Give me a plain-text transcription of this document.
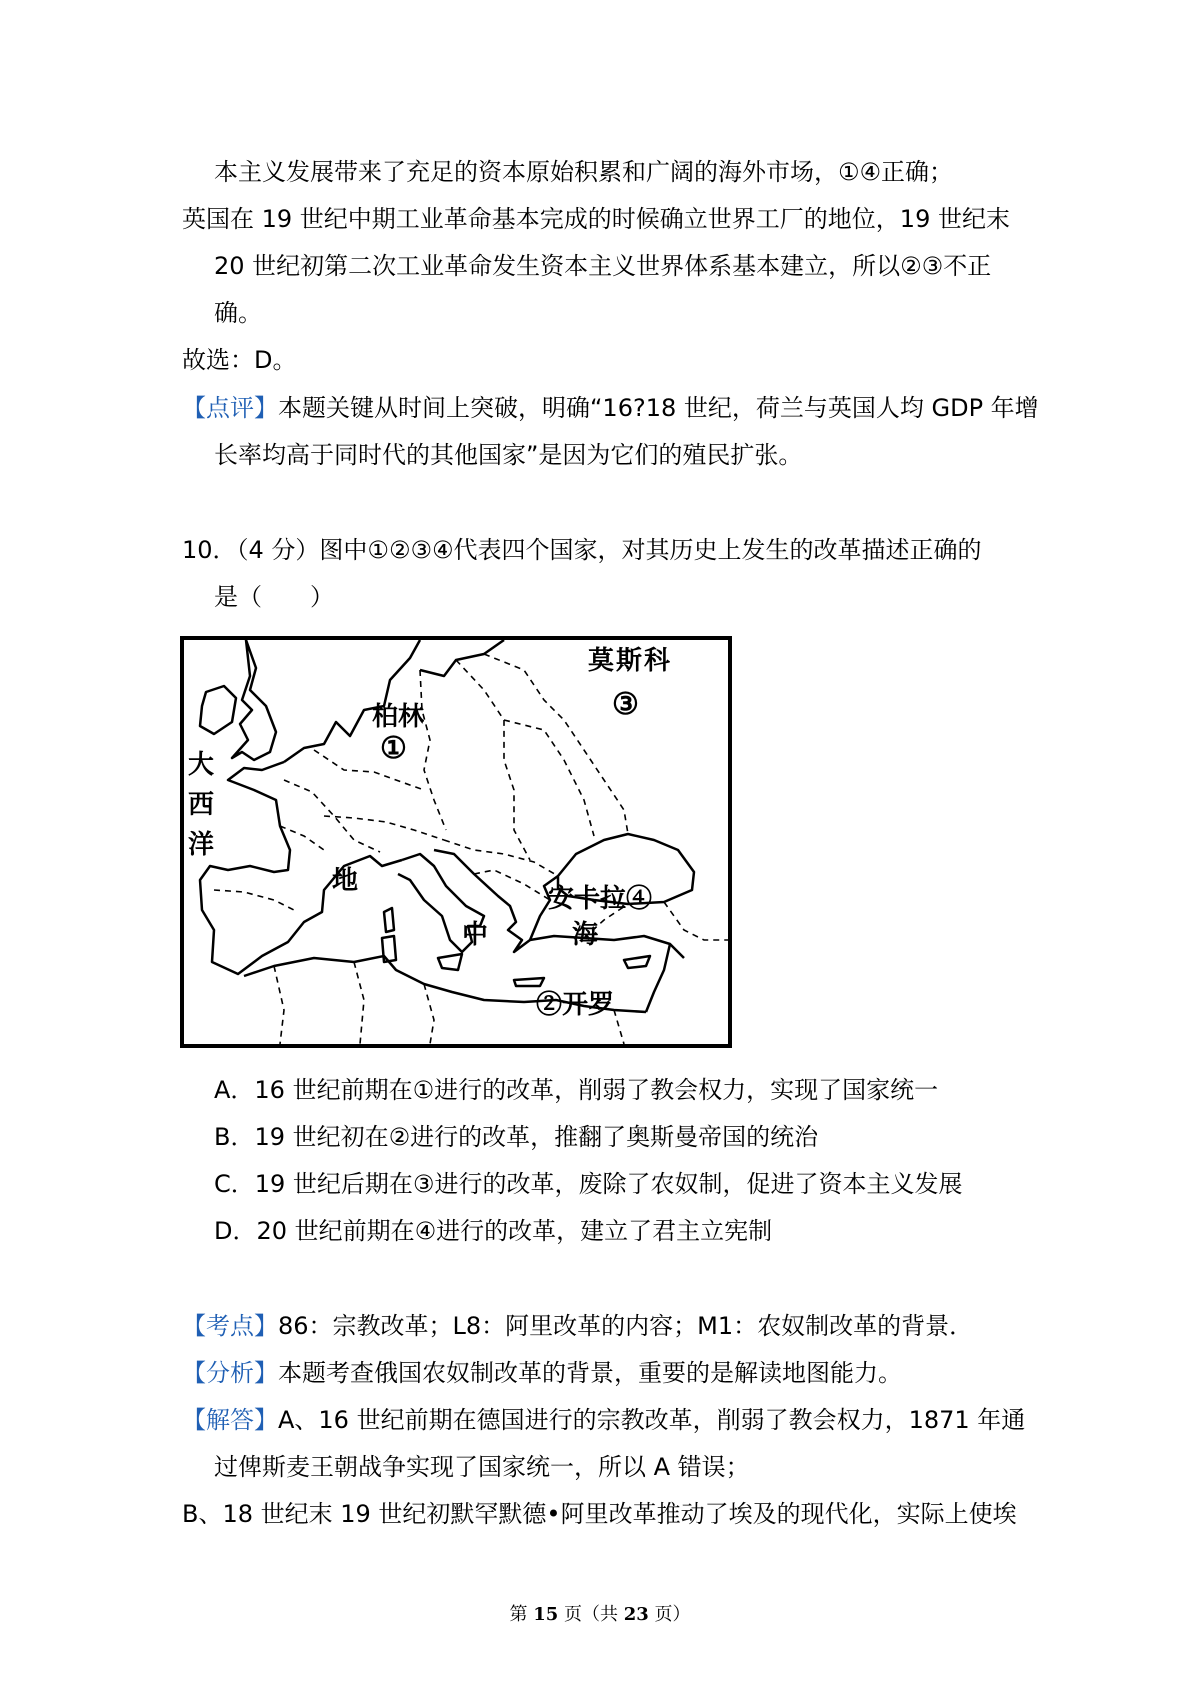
本主义发展带来了充足的资本原始积累和广阔的海外市场，①④正确；
英国在 19 世纪中期工业革命基本完成的时候确立世界工厂的地位，19 世纪末
20 世纪初第二次工业革命发生资本主义世界体系基本建立，所以②③不正
确。
故选：D。
【点评】本题关键从时间上突破，明确“16?18 世纪，荷兰与英国人均 GDP 年增
长率均高于同时代的其他国家”是因为它们的殖民扩张。
10．（4 分）图中①②③④代表四个国家，对其历史上发生的改革描述正确的
是（　　）
莫斯科
③
柏林
①
大
西
洋
地
安卡拉④
中	海
②开罗
A．16 世纪前期在①进行的改革，削弱了教会权力，实现了国家统一
B．19 世纪初在②进行的改革，推翻了奥斯曼帝国的统治
C．19 世纪后期在③进行的改革，废除了农奴制，促进了资本主义发展
D．20 世纪前期在④进行的改革，建立了君主立宪制
【考点】86：宗教改革；L8：阿里改革的内容；M1：农奴制改革的背景．
【分析】本题考查俄国农奴制改革的背景，重要的是解读地图能力。
【解答】A、16 世纪前期在德国进行的宗教改革，削弱了教会权力，1871 年通
过俾斯麦王朝战争实现了国家统一，所以 A 错误；
B、18 世纪末 19 世纪初默罕默德•阿里改革推动了埃及的现代化，实际上使埃
第 15 页（共 23 页）
